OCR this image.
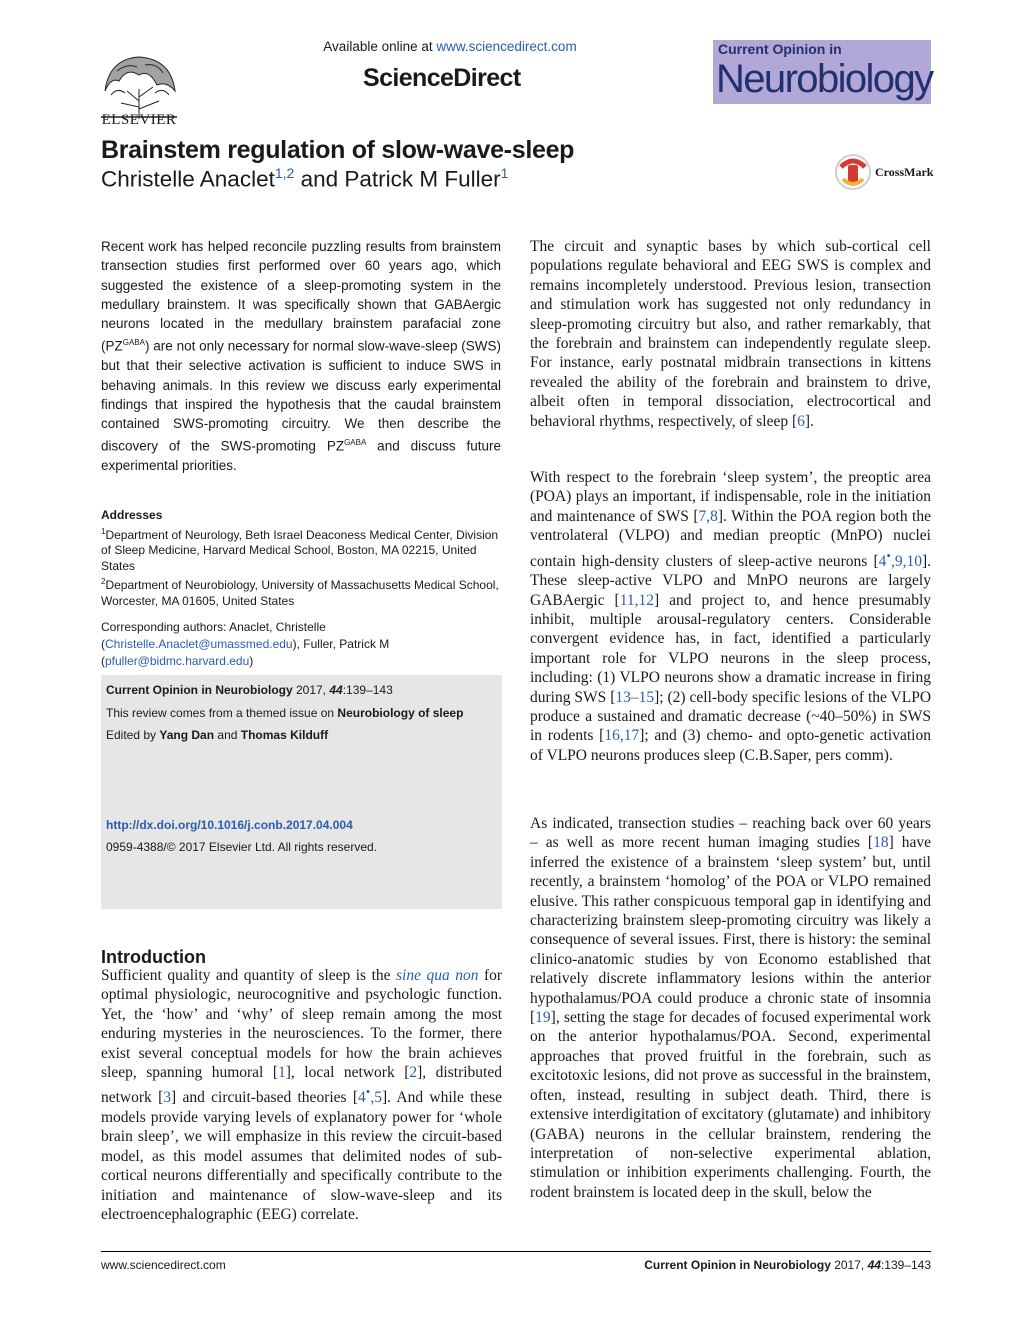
ELSEVIER
Available online at www.sciencedirect.com
ScienceDirect
Current Opinion in
Neurobiology
Brainstem regulation of slow-wave-sleep
Christelle Anaclet$^{1,2}$ and Patrick M Fuller$^1$	CrossMark

Recent work has helped reconcile puzzling results from brainstem transection studies first performed over 60 years ago, which suggested the existence of a sleep-promoting system in the medullary brainstem. It was specifically shown that GABAergic neurons located in the medullary brainstem parafacial zone $(PZ^{GABA})$ are not only necessary for normal slow-wave-sleep (SWS) but that their selective activation is sufficient to induce SWS in behaving animals. In this review we discuss early experimental findings that inspired the hypothesis that the caudal brainstem contained SWS-promoting circuitry. We then describe the discovery of the SWS-promoting $PZ^{GABA}$ and discuss future experimental priorities.

Addresses
$^1$Department of Neurology, Beth Israel Deaconess Medical Center, Division of Sleep Medicine, Harvard Medical School, Boston, MA 02215, United States
$^2$Department of Neurobiology, University of Massachusetts Medical School, Worcester, MA 01605, United States
Corresponding authors: Anaclet, Christelle (Christelle.Anaclet@umassmed.edu), Fuller, Patrick M (pfuller@bidmc.harvard.edu)
Current Opinion in Neurobiology 2017, 44:139–143
This review comes from a themed issue on Neurobiology of sleep
Edited by Yang Dan and Thomas Kilduff
http://dx.doi.org/10.1016/j.conb.2017.04.004
0959-4388/© 2017 Elsevier Ltd. All rights reserved.
Introduction

Sufficient quality and quantity of sleep is the sine qua non for optimal physiologic, neurocognitive and psychologic function. Yet, the ‘how’ and ‘why’ of sleep remain among the most enduring mysteries in the neurosciences. To the former, there exist several conceptual models for how the brain achieves sleep, spanning humoral [1], local network [2], distributed network [3] and circuit-based theories [4•,5]. And while these models provide varying levels of explanatory power for ‘whole brain sleep’, we will emphasize in this review the circuit-based model, as this model assumes that delimited nodes of sub-cortical neurons differentially and specifically contribute to the initiation and maintenance of slow-wave-sleep and its electroencephalographic (EEG) correlate.

The circuit and synaptic bases by which sub-cortical cell populations regulate behavioral and EEG SWS is complex and remains incompletely understood. Previous lesion, transection and stimulation work has suggested not only redundancy in sleep-promoting circuitry but also, and rather remarkably, that the forebrain and brainstem can independently regulate sleep. For instance, early postnatal midbrain transections in kittens revealed the ability of the forebrain and brainstem to drive, albeit often in temporal dissociation, electrocortical and behavioral rhythms, respectively, of sleep [6].

With respect to the forebrain ‘sleep system’, the preoptic area (POA) plays an important, if indispensable, role in the initiation and maintenance of SWS [7,8]. Within the POA region both the ventrolateral (VLPO) and median preoptic (MnPO) nuclei contain high-density clusters of sleep-active neurons [4•,9,10]. These sleep-active VLPO and MnPO neurons are largely GABAergic [11,12] and project to, and hence presumably inhibit, multiple arousal-regulatory centers. Considerable convergent evidence has, in fact, identified a particularly important role for VLPO neurons in the sleep process, including: (1) VLPO neurons show a dramatic increase in firing during SWS [13–15]; (2) cell-body specific lesions of the VLPO produce a sustained and dramatic decrease (~40–50%) in SWS in rodents [16,17]; and (3) chemo- and opto-genetic activation of VLPO neurons produces sleep (C.B.Saper, pers comm).

As indicated, transection studies – reaching back over 60 years – as well as more recent human imaging studies [18] have inferred the existence of a brainstem ‘sleep system’ but, until recently, a brainstem ‘homolog’ of the POA or VLPO remained elusive. This rather conspicuous temporal gap in identifying and characterizing brainstem sleep-promoting circuitry was likely a consequence of several issues. First, there is history: the seminal clinico-anatomic studies by von Economo established that relatively discrete inflammatory lesions within the anterior hypothalamus/POA could produce a chronic state of insomnia [19], setting the stage for decades of focused experimental work on the anterior hypothalamus/POA. Second, experimental approaches that proved fruitful in the forebrain, such as excitotoxic lesions, did not prove as successful in the brainstem, often, instead, resulting in subject death. Third, there is extensive interdigitation of excitatory (glutamate) and inhibitory (GABA) neurons in the cellular brainstem, rendering the interpretation of non-selective experimental ablation, stimulation or inhibition experiments challenging. Fourth, the rodent brainstem is located deep in the skull, below the

www.sciencedirect.com	Current Opinion in Neurobiology 2017, 44:139–143
